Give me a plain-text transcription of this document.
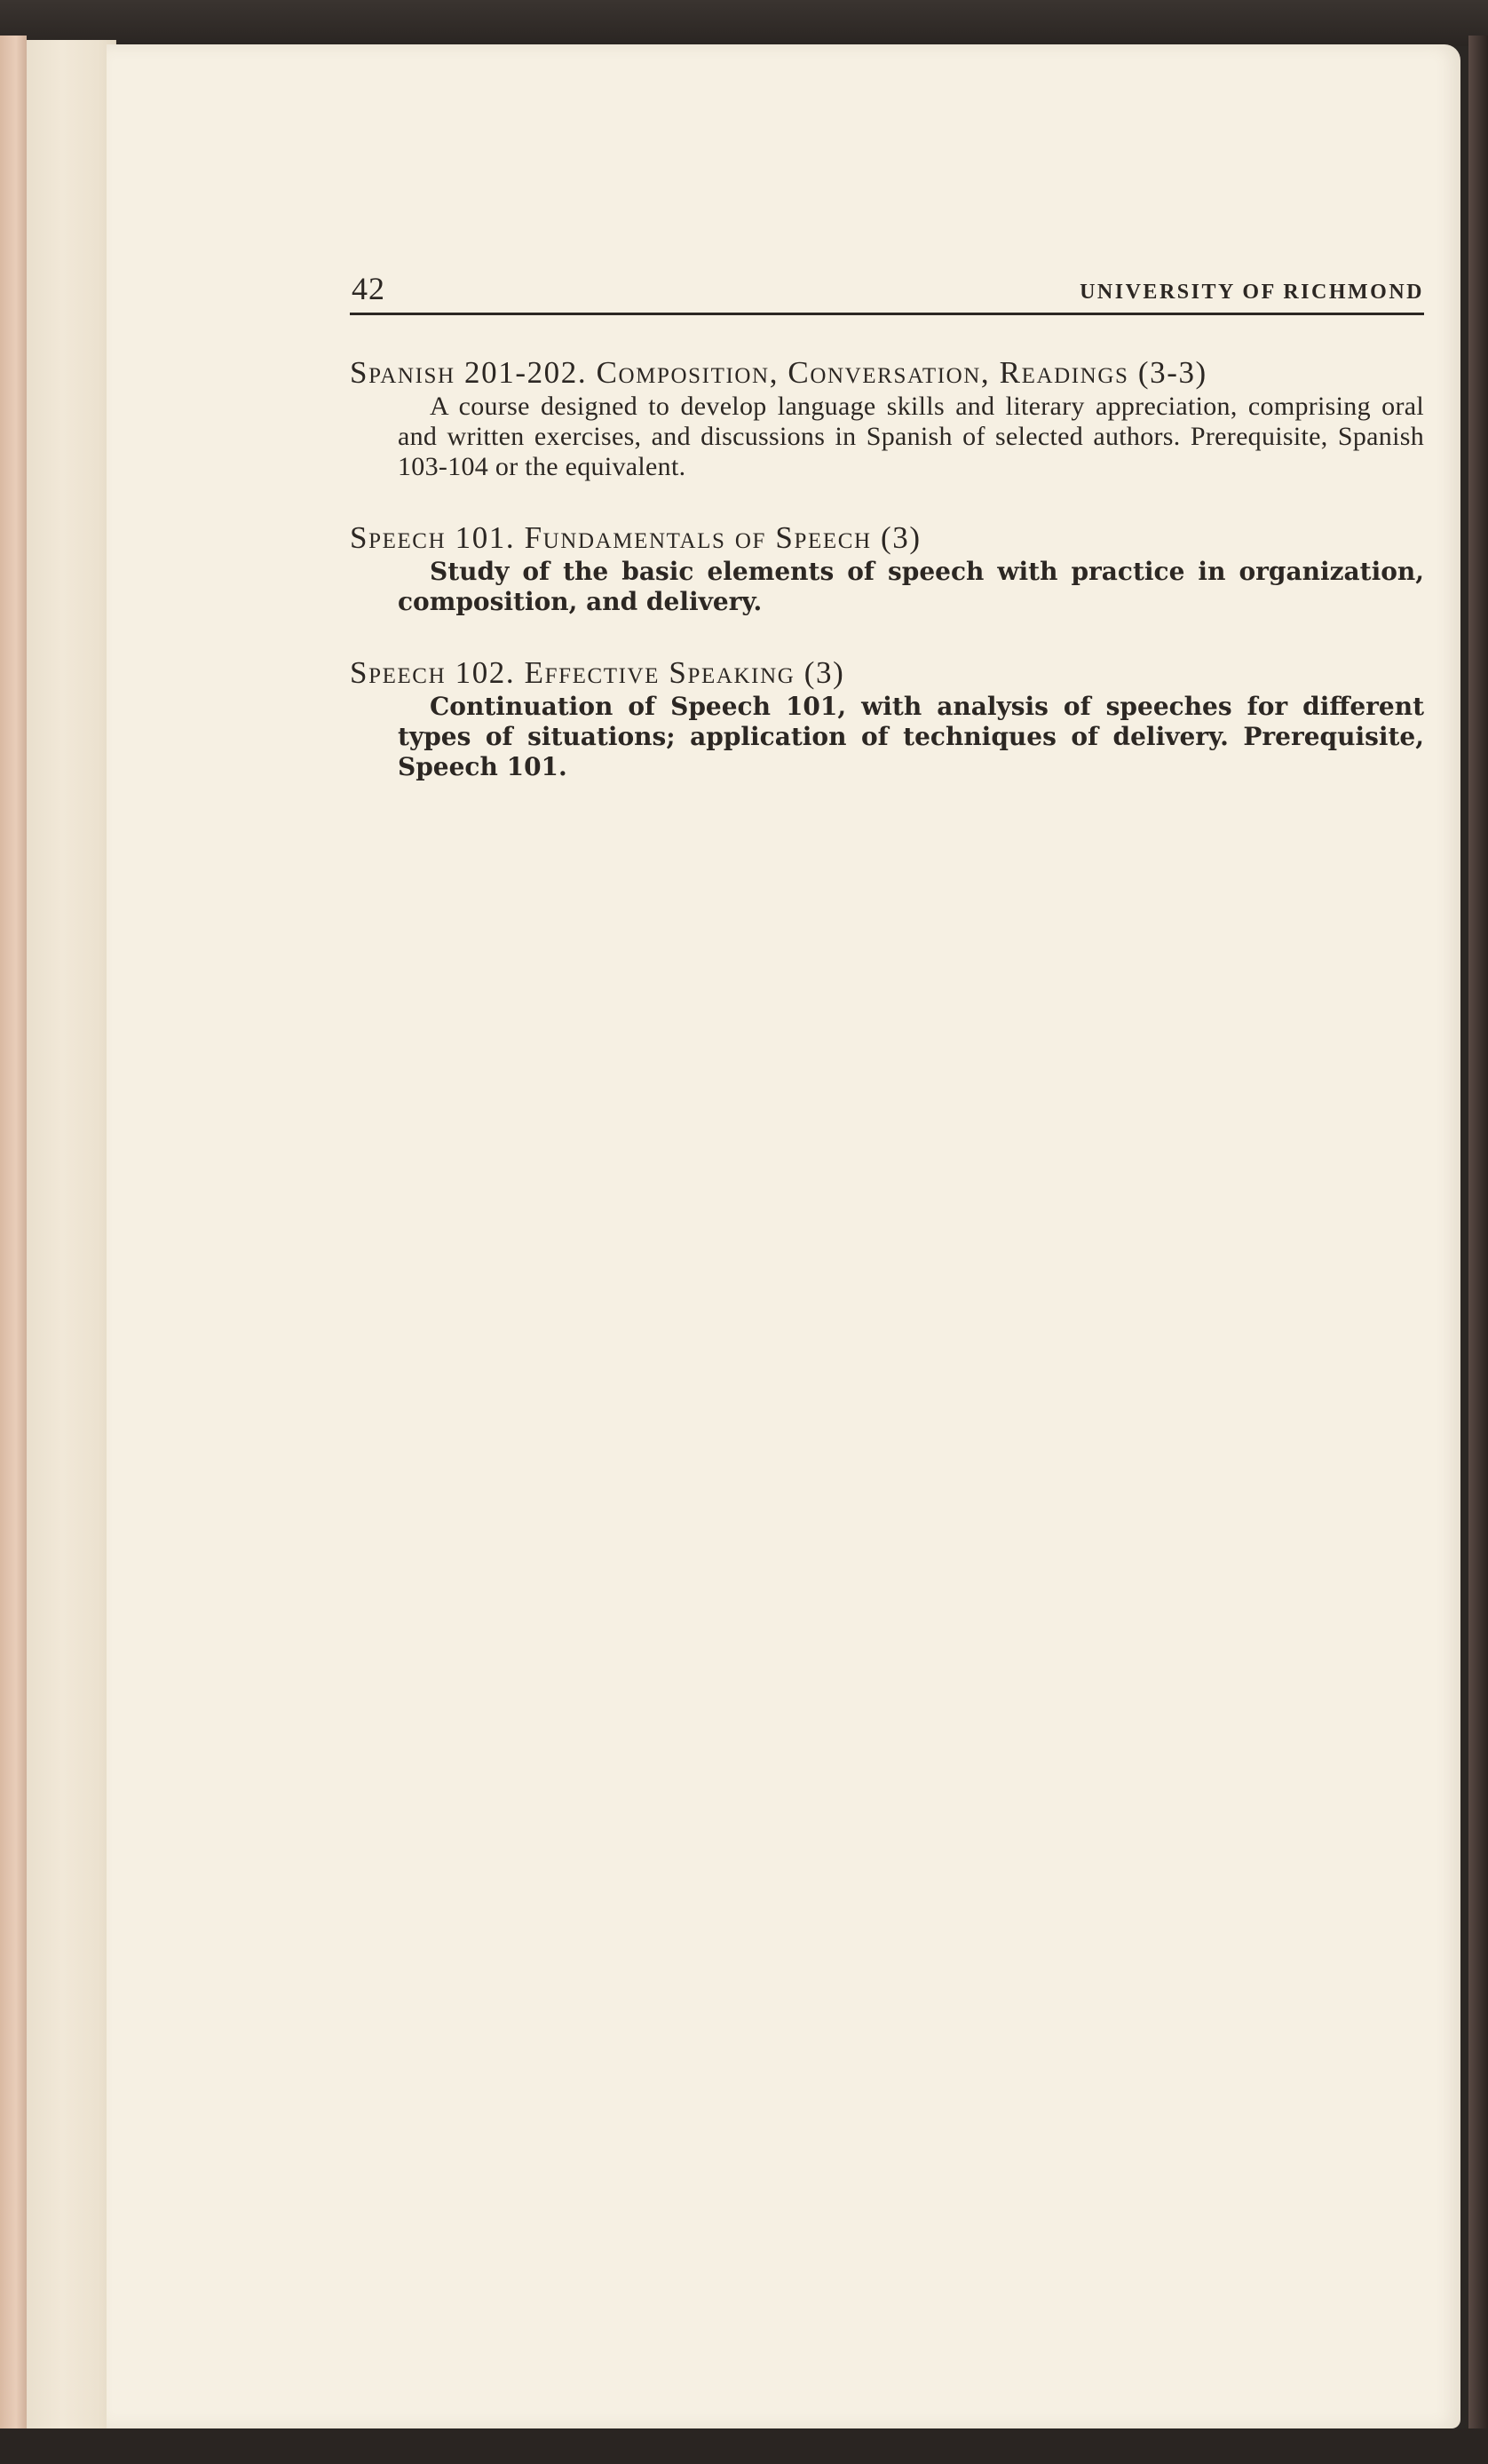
42	UNIVERSITY OF RICHMOND
Spanish 201-202. Composition, Conversation, Readings (3-3)
A course designed to develop language skills and literary appreciation, comprising oral and written exercises, and discussions in Spanish of selected authors. Prerequisite, Spanish 103-104 or the equivalent.
Speech 101. Fundamentals of Speech (3)
Study of the basic elements of speech with practice in organization, composition, and delivery.
Speech 102. Effective Speaking (3)
Continuation of Speech 101, with analysis of speeches for different types of situations; application of techniques of delivery. Prerequisite, Speech 101.
